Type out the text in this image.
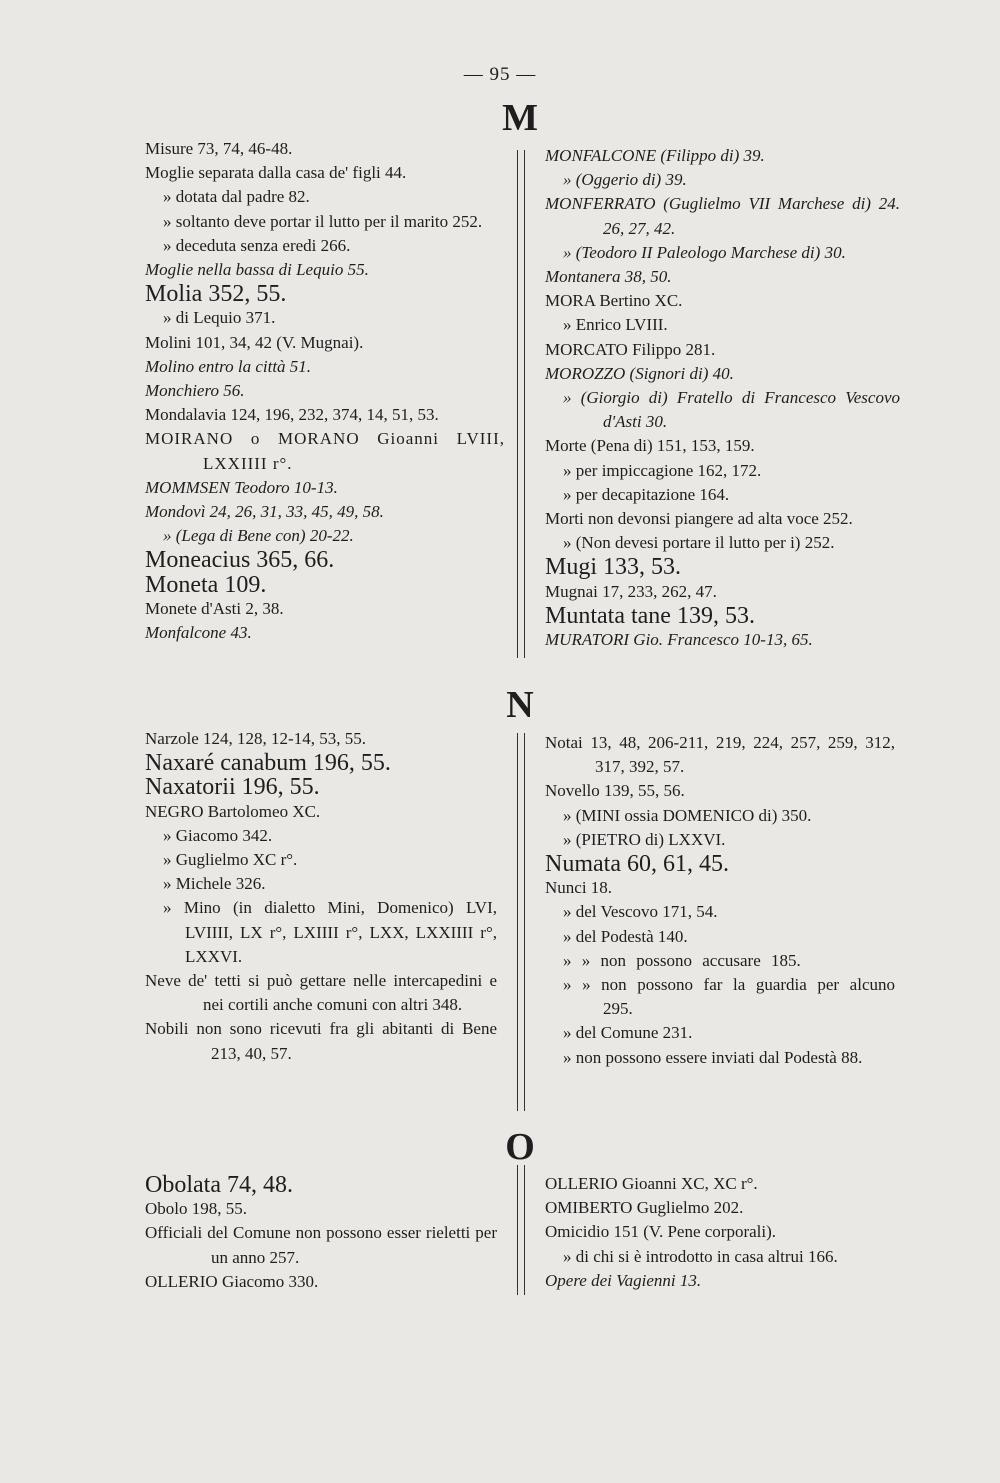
— 95 —
M

Misure 73, 74, 46-48.

Moglie separata dalla casa de' figli 44.

» dotata dal padre 82.

» soltanto deve portar il lutto per il marito 252.

» deceduta senza eredi 266.

Moglie nella bassa di Lequio 55.

Molia 352, 55.

» di Lequio 371.

Molini 101, 34, 42 (V. Mugnai).

Molino entro la città 51.

Monchiero 56.

Mondalavia 124, 196, 232, 374, 14, 51, 53.

MOIRANO o MORANO Gioanni LVIII, LXXIIII r°.

MOMMSEN Teodoro 10-13.

Mondovì 24, 26, 31, 33, 45, 49, 58.

» (Lega di Bene con) 20-22.

Moneacius 365, 66.

Moneta 109.

Monete d'Asti 2, 38.

Monfalcone 43.

MONFALCONE (Filippo di) 39.

» (Oggerio di) 39.

MONFERRATO (Guglielmo VII Marchese di) 24. 26, 27, 42.

» (Teodoro II Paleologo Marchese di) 30.

Montanera 38, 50.

MORA Bertino XC.

» Enrico LVIII.

MORCATO Filippo 281.

MOROZZO (Signori di) 40.

» (Giorgio di) Fratello di Francesco Vescovo d'Asti 30.

Morte (Pena di) 151, 153, 159.

» per impiccagione 162, 172.

» per decapitazione 164.

Morti non devonsi piangere ad alta voce 252.

» (Non devesi portare il lutto per i) 252.

Mugi 133, 53.

Mugnai 17, 233, 262, 47.

Muntata tane 139, 53.

MURATORI Gio. Francesco 10-13, 65.

N

Narzole 124, 128, 12-14, 53, 55.

Naxaré canabum 196, 55.

Naxatorii 196, 55.

NEGRO Bartolomeo XC.

» Giacomo 342.

» Guglielmo XC r°.

» Michele 326.

» Mino (in dialetto Mini, Domenico) LVI, LVIIII, LX r°, LXIIII r°, LXX, LXXIIII r°, LXXVI.

Neve de' tetti si può gettare nelle intercapedini e nei cortili anche comuni con altri 348.

Nobili non sono ricevuti fra gli abitanti di Bene 213, 40, 57.

Notai 13, 48, 206-211, 219, 224, 257, 259, 312, 317, 392, 57.

Novello 139, 55, 56.

» (MINI ossia DOMENICO di) 350.

» (PIETRO di) LXXVI.

Numata 60, 61, 45.

Nunci 18.

» del Vescovo 171, 54.

» del Podestà 140.

» » non possono accusare 185.

» » non possono far la guardia per alcuno 295.

» del Comune 231.

» non possono essere inviati dal Podestà 88.

O

Obolata 74, 48.

Obolo 198, 55.

Officiali del Comune non possono esser rieletti per un anno 257.

OLLERIO Giacomo 330.

OLLERIO Gioanni XC, XC r°.

OMIBERTO Guglielmo 202.

Omicidio 151 (V. Pene corporali).

» di chi si è introdotto in casa altrui 166.

Opere dei Vagienni 13.
